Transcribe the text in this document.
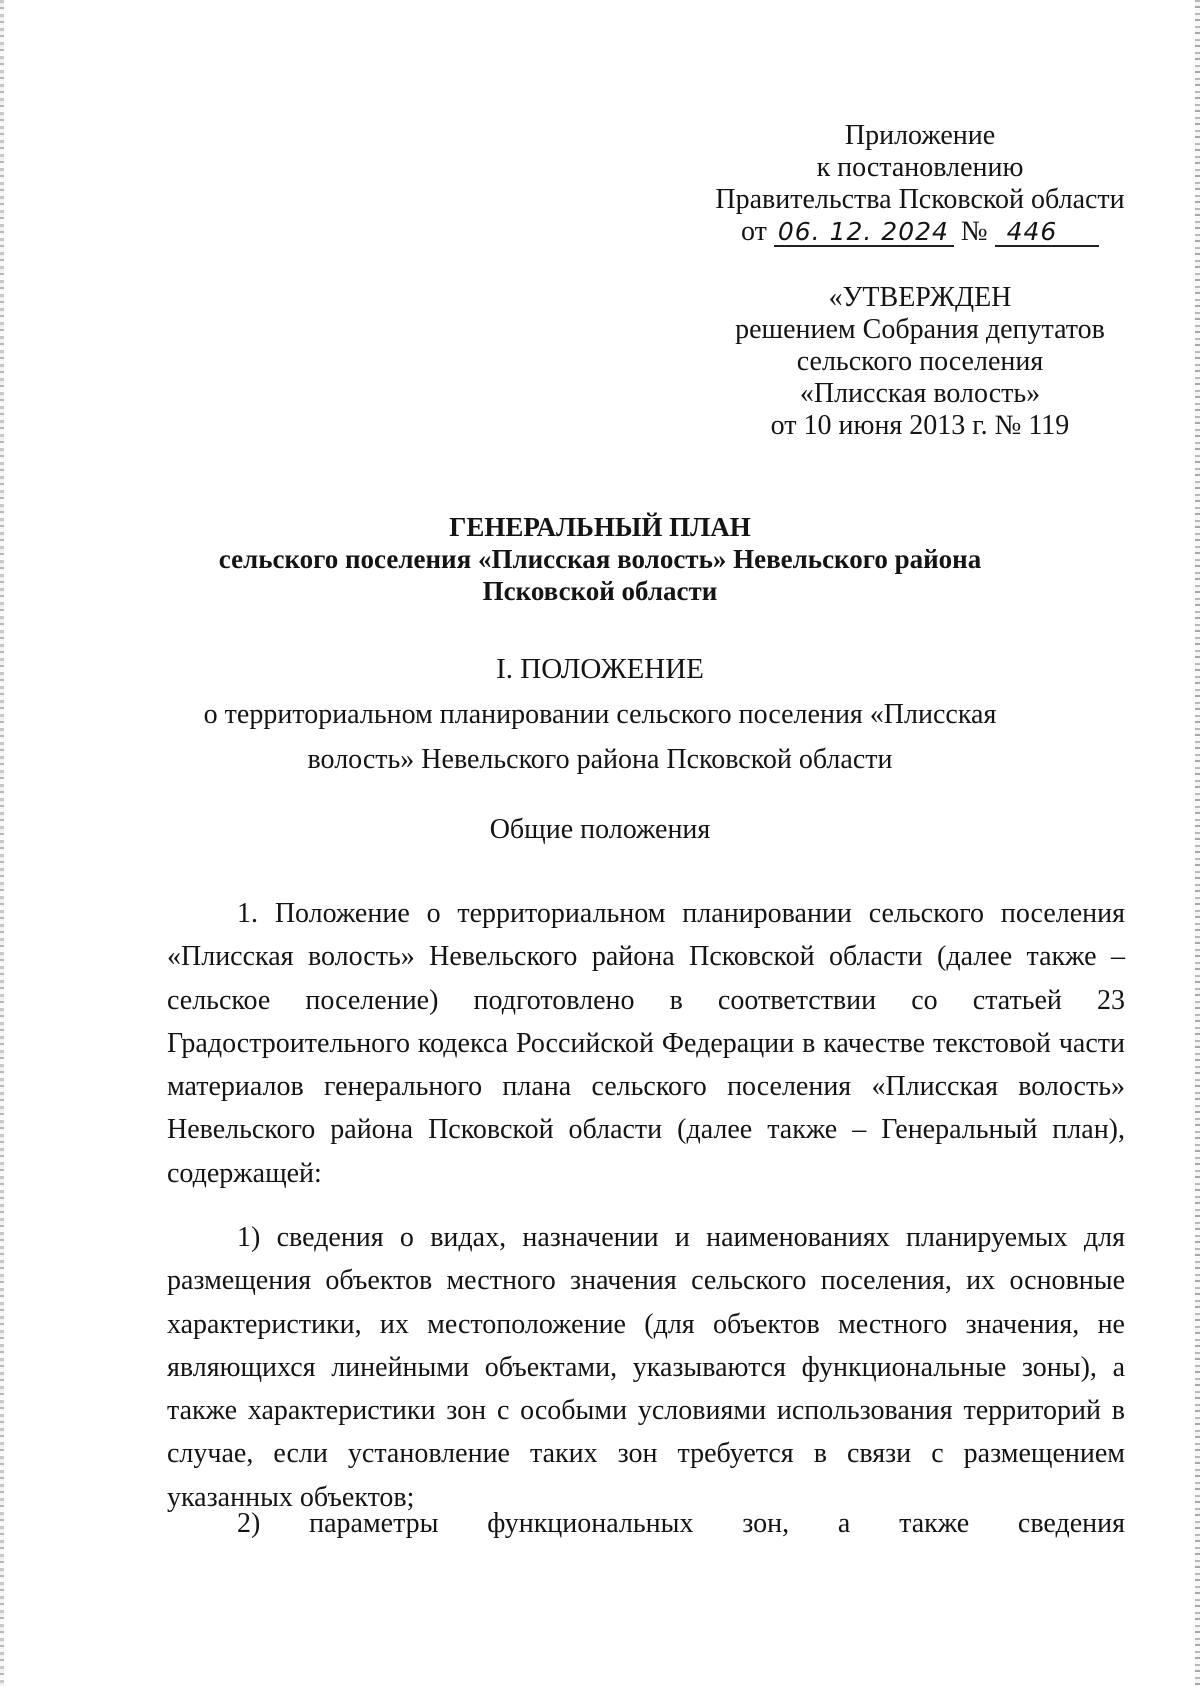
Приложение
к постановлению
Правительства Псковской области
от 06. 12. 2024 № 446
«УТВЕРЖДЕН
решением Собрания депутатов
сельского поселения
«Плисская волость»
от 10 июня 2013 г. № 119
ГЕНЕРАЛЬНЫЙ ПЛАН
сельского поселения «Плисская волость» Невельского района
Псковской области
I. ПОЛОЖЕНИЕ
о территориальном планировании сельского поселения «Плисская
волость» Невельского района Псковской области
Общие положения

1. Положение о территориальном планировании сельского поселения «Плисская волость» Невельского района Псковской области (далее также – сельское поселение) подготовлено в соответствии со статьей 23 Градостроительного кодекса Российской Федерации в качестве текстовой части материалов генерального плана сельского поселения «Плисская волость» Невельского района Псковской области (далее также – Генеральный план), содержащей:

1) сведения о видах, назначении и наименованиях планируемых для размещения объектов местного значения сельского поселения, их основные характеристики, их местоположение (для объектов местного значения, не являющихся линейными объектами, указываются функциональные зоны), а также характеристики зон с особыми условиями использования территорий в случае, если установление таких зон требуется в связи с размещением указанных объектов;

2) параметры функциональных зон, а также сведения
